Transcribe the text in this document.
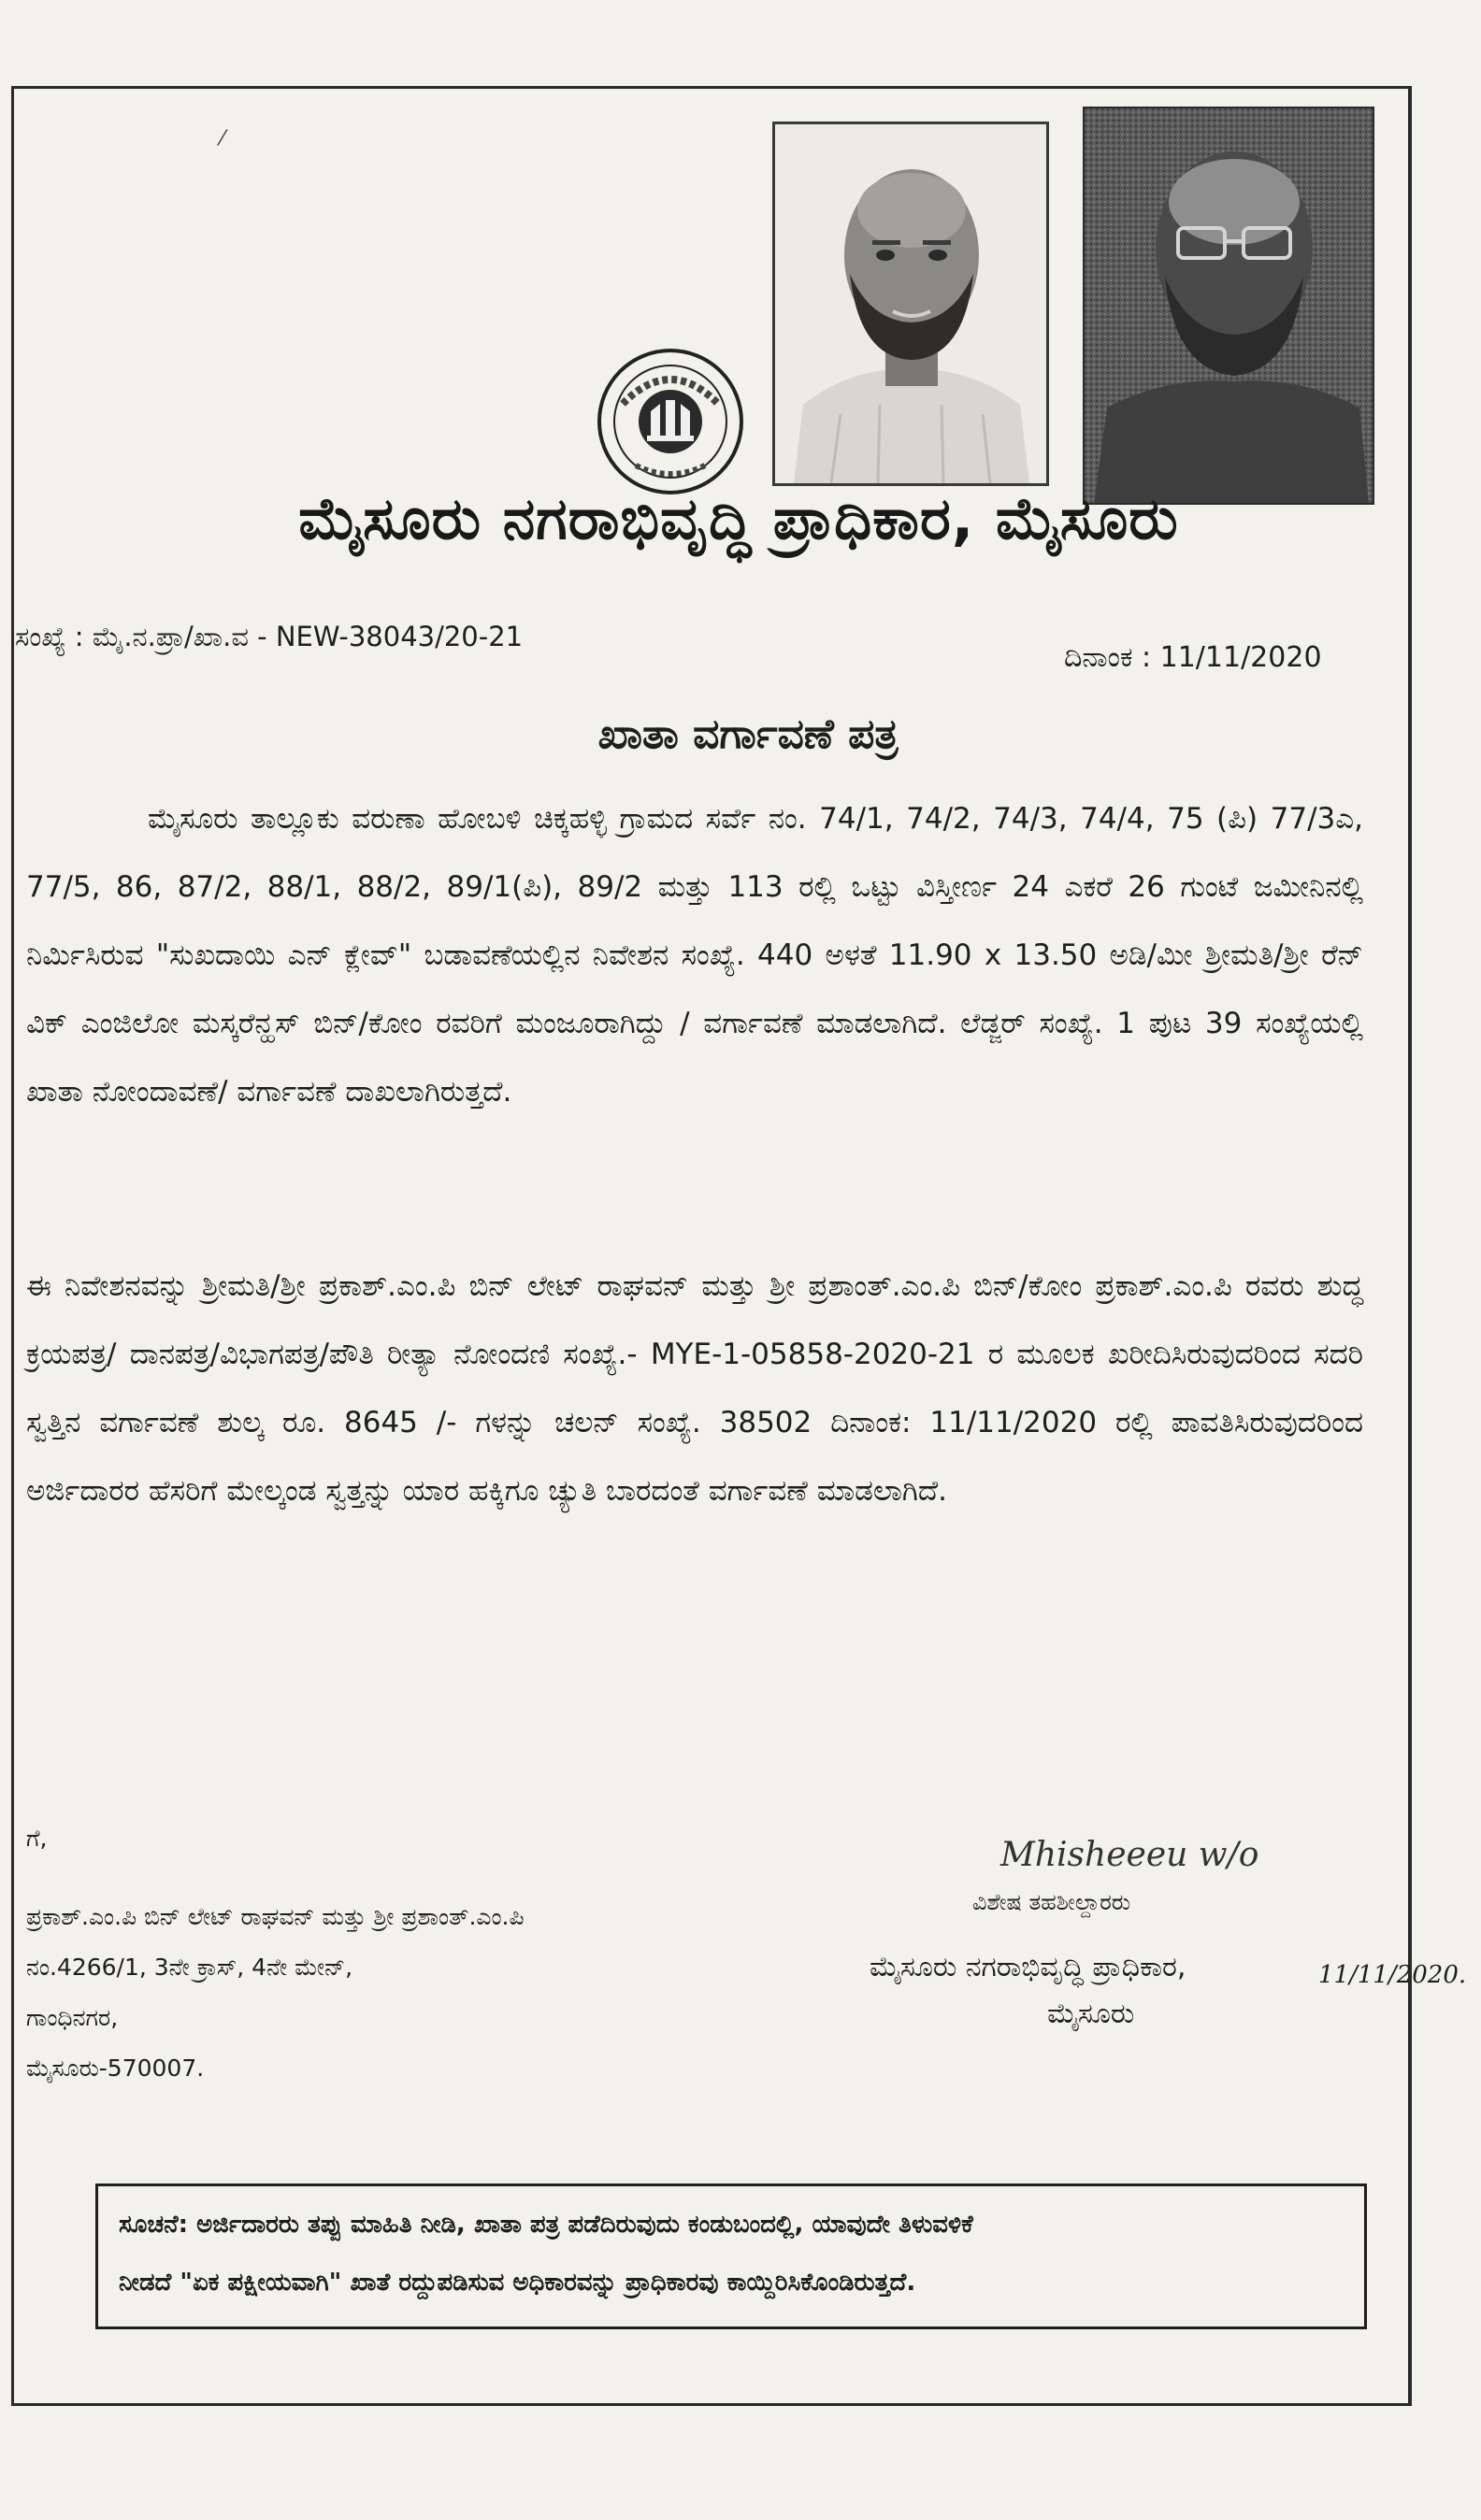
⁄
ಮೈಸೂರು ನಗರಾಭಿವೃದ್ಧಿ ಪ್ರಾಧಿಕಾರ, ಮೈಸೂರು
ಸಂಖ್ಯೆ : ಮೈ.ನ.ಪ್ರಾ/ಖಾ.ವ - NEW-38043/20-21
ದಿನಾಂಕ : 11/11/2020
ಖಾತಾ ವರ್ಗಾವಣೆ ಪತ್ರ
ಮೈಸೂರು ತಾಲ್ಲೂಕು ವರುಣಾ ಹೋಬಳಿ ಚಿಕ್ಕಹಳ್ಳಿ ಗ್ರಾಮದ ಸರ್ವೆ ನಂ. 74/1, 74/2, 74/3, 74/4, 75 (ಪಿ) 77/3ಎ, 77/5, 86, 87/2, 88/1, 88/2, 89/1(ಪಿ), 89/2 ಮತ್ತು 113 ರಲ್ಲಿ ಒಟ್ಟು ವಿಸ್ತೀರ್ಣ 24 ಎಕರೆ 26 ಗುಂಟೆ ಜಮೀನಿನಲ್ಲಿ ನಿರ್ಮಿಸಿರುವ "ಸುಖದಾಯಿ ಎನ್ ಕ್ಲೇವ್" ಬಡಾವಣೆಯಲ್ಲಿನ ನಿವೇಶನ ಸಂಖ್ಯೆ. 440 ಅಳತೆ 11.90 x 13.50 ಅಡಿ/ಮೀ ಶ್ರೀಮತಿ/ಶ್ರೀ ರೆನ್ ವಿಕ್ ಎಂಜಿಲೋ ಮಸ್ಕರೆನ್ಹಸ್ ಬಿನ್/ಕೋಂ ರವರಿಗೆ ಮಂಜೂರಾಗಿದ್ದು / ವರ್ಗಾವಣೆ ಮಾಡಲಾಗಿದೆ. ಲೆಡ್ಜರ್ ಸಂಖ್ಯೆ. 1 ಪುಟ 39 ಸಂಖ್ಯೆಯಲ್ಲಿ ಖಾತಾ ನೋಂದಾವಣೆ/ ವರ್ಗಾವಣೆ ದಾಖಲಾಗಿರುತ್ತದೆ.
ಈ ನಿವೇಶನವನ್ನು ಶ್ರೀಮತಿ/ಶ್ರೀ ಪ್ರಕಾಶ್.ಎಂ.ಪಿ ಬಿನ್ ಲೇಟ್ ರಾಘವನ್ ಮತ್ತು ಶ್ರೀ ಪ್ರಶಾಂತ್.ಎಂ.ಪಿ ಬಿನ್/ಕೋಂ ಪ್ರಕಾಶ್.ಎಂ.ಪಿ ರವರು ಶುದ್ಧ ಕ್ರಯಪತ್ರ/ ದಾನಪತ್ರ/ವಿಭಾಗಪತ್ರ/ಪೌತಿ ರೀತ್ಯಾ ನೋಂದಣಿ ಸಂಖ್ಯೆ.- MYE-1-05858-2020-21 ರ ಮೂಲಕ ಖರೀದಿಸಿರುವುದರಿಂದ ಸದರಿ ಸ್ವತ್ತಿನ ವರ್ಗಾವಣೆ ಶುಲ್ಕ ರೂ. 8645 /- ಗಳನ್ನು ಚಲನ್ ಸಂಖ್ಯೆ. 38502 ದಿನಾಂಕ: 11/11/2020 ರಲ್ಲಿ ಪಾವತಿಸಿರುವುದರಿಂದ ಅರ್ಜಿದಾರರ ಹೆಸರಿಗೆ ಮೇಲ್ಕಂಡ ಸ್ವತ್ತನ್ನು ಯಾರ ಹಕ್ಕಿಗೂ ಚ್ಯುತಿ ಬಾರದಂತೆ ವರ್ಗಾವಣೆ ಮಾಡಲಾಗಿದೆ.
ಗೆ,
ಪ್ರಕಾಶ್.ಎಂ.ಪಿ ಬಿನ್ ಲೇಟ್ ರಾಘವನ್ ಮತ್ತು ಶ್ರೀ ಪ್ರಶಾಂತ್.ಎಂ.ಪಿ
ನಂ.4266/1, 3ನೇ ಕ್ರಾಸ್, 4ನೇ ಮೇನ್,
ಗಾಂಧಿನಗರ,
ಮೈಸೂರು-570007.
Mhisheeeu w/o
ವಿಶೇಷ ತಹಶೀಲ್ದಾರರು
ಮೈಸೂರು ನಗರಾಭಿವೃದ್ಧಿ ಪ್ರಾಧಿಕಾರ,
ಮೈಸೂರು
11/11/2020.
ಸೂಚನೆ: ಅರ್ಜಿದಾರರು ತಪ್ಪು ಮಾಹಿತಿ ನೀಡಿ, ಖಾತಾ ಪತ್ರ ಪಡೆದಿರುವುದು ಕಂಡುಬಂದಲ್ಲಿ, ಯಾವುದೇ ತಿಳುವಳಿಕೆ
ನೀಡದೆ "ಏಕ ಪಕ್ಷೀಯವಾಗಿ" ಖಾತೆ ರದ್ದುಪಡಿಸುವ ಅಧಿಕಾರವನ್ನು ಪ್ರಾಧಿಕಾರವು ಕಾಯ್ದಿರಿಸಿಕೊಂಡಿರುತ್ತದೆ.
